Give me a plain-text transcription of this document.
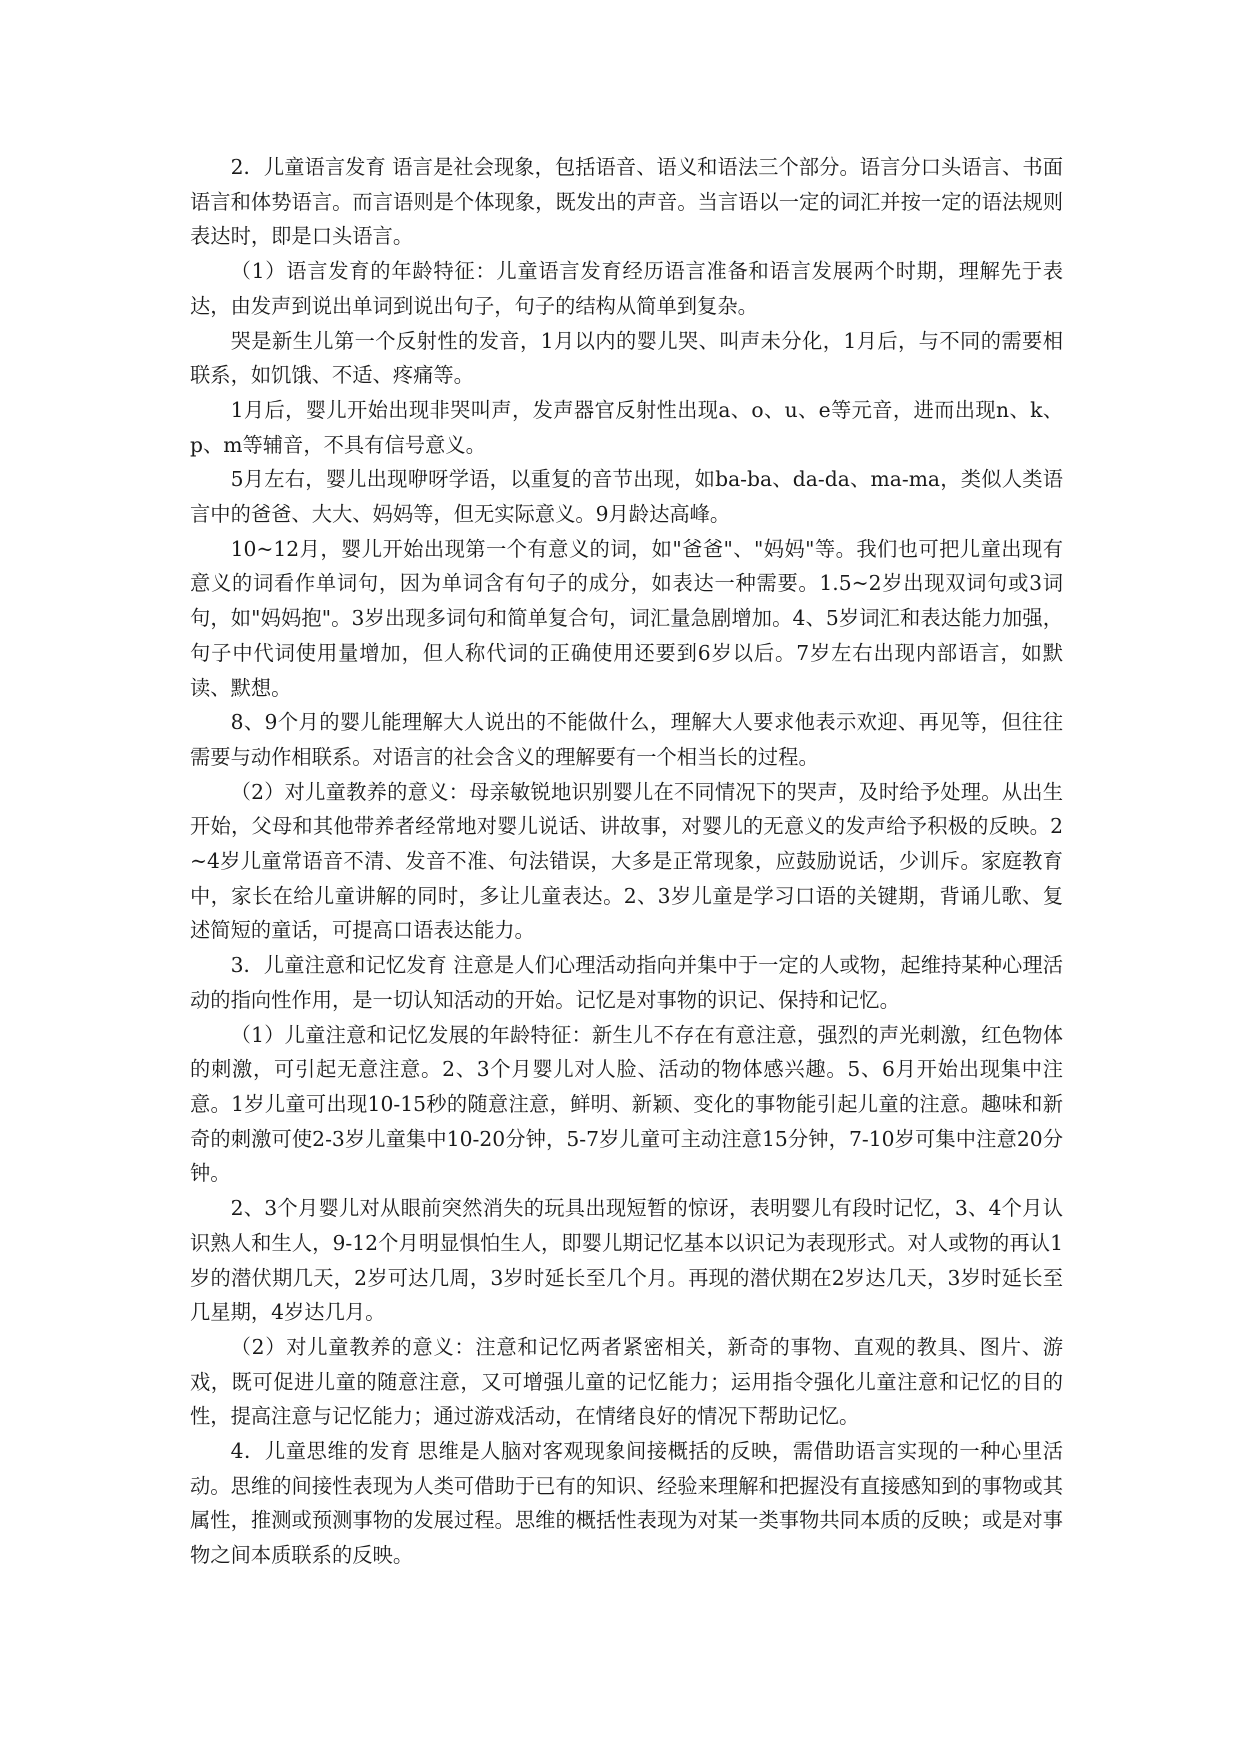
2．儿童语言发育 语言是社会现象，包括语音、语义和语法三个部分。语言分口头语言、书面语言和体势语言。而言语则是个体现象，既发出的声音。当言语以一定的词汇并按一定的语法规则表达时，即是口头语言。

（1）语言发育的年龄特征：儿童语言发育经历语言准备和语言发展两个时期，理解先于表达，由发声到说出单词到说出句子，句子的结构从简单到复杂。

哭是新生儿第一个反射性的发音，1月以内的婴儿哭、叫声未分化，1月后，与不同的需要相联系，如饥饿、不适、疼痛等。

1月后，婴儿开始出现非哭叫声，发声器官反射性出现a、o、u、e等元音，进而出现n、k、p、m等辅音，不具有信号意义。

5月左右，婴儿出现咿呀学语，以重复的音节出现，如ba-ba、da-da、ma-ma，类似人类语言中的爸爸、大大、妈妈等，但无实际意义。9月龄达高峰。

10~12月，婴儿开始出现第一个有意义的词，如"爸爸"、"妈妈"等。我们也可把儿童出现有意义的词看作单词句，因为单词含有句子的成分，如表达一种需要。1.5~2岁出现双词句或3词句，如"妈妈抱"。3岁出现多词句和简单复合句，词汇量急剧增加。4、5岁词汇和表达能力加强，句子中代词使用量增加，但人称代词的正确使用还要到6岁以后。7岁左右出现内部语言，如默读、默想。

8、9个月的婴儿能理解大人说出的不能做什么，理解大人要求他表示欢迎、再见等，但往往需要与动作相联系。对语言的社会含义的理解要有一个相当长的过程。

（2）对儿童教养的意义：母亲敏锐地识别婴儿在不同情况下的哭声，及时给予处理。从出生开始，父母和其他带养者经常地对婴儿说话、讲故事，对婴儿的无意义的发声给予积极的反映。2~4岁儿童常语音不清、发音不准、句法错误，大多是正常现象，应鼓励说话，少训斥。家庭教育中，家长在给儿童讲解的同时，多让儿童表达。2、3岁儿童是学习口语的关键期，背诵儿歌、复述简短的童话，可提高口语表达能力。

3．儿童注意和记忆发育 注意是人们心理活动指向并集中于一定的人或物，起维持某种心理活动的指向性作用，是一切认知活动的开始。记忆是对事物的识记、保持和记忆。

（1）儿童注意和记忆发展的年龄特征：新生儿不存在有意注意，强烈的声光刺激，红色物体的刺激，可引起无意注意。2、3个月婴儿对人脸、活动的物体感兴趣。5、6月开始出现集中注意。1岁儿童可出现10-15秒的随意注意，鲜明、新颖、变化的事物能引起儿童的注意。趣味和新奇的刺激可使2-3岁儿童集中10-20分钟，5-7岁儿童可主动注意15分钟，7-10岁可集中注意20分钟。

2、3个月婴儿对从眼前突然消失的玩具出现短暂的惊讶，表明婴儿有段时记忆，3、4个月认识熟人和生人，9-12个月明显惧怕生人，即婴儿期记忆基本以识记为表现形式。对人或物的再认1岁的潜伏期几天，2岁可达几周，3岁时延长至几个月。再现的潜伏期在2岁达几天，3岁时延长至几星期，4岁达几月。

（2）对儿童教养的意义：注意和记忆两者紧密相关，新奇的事物、直观的教具、图片、游戏，既可促进儿童的随意注意，又可增强儿童的记忆能力；运用指令强化儿童注意和记忆的目的性，提高注意与记忆能力；通过游戏活动，在情绪良好的情况下帮助记忆。

4．儿童思维的发育 思维是人脑对客观现象间接概括的反映，需借助语言实现的一种心里活动。思维的间接性表现为人类可借助于已有的知识、经验来理解和把握没有直接感知到的事物或其属性，推测或预测事物的发展过程。思维的概括性表现为对某一类事物共同本质的反映；或是对事物之间本质联系的反映。
